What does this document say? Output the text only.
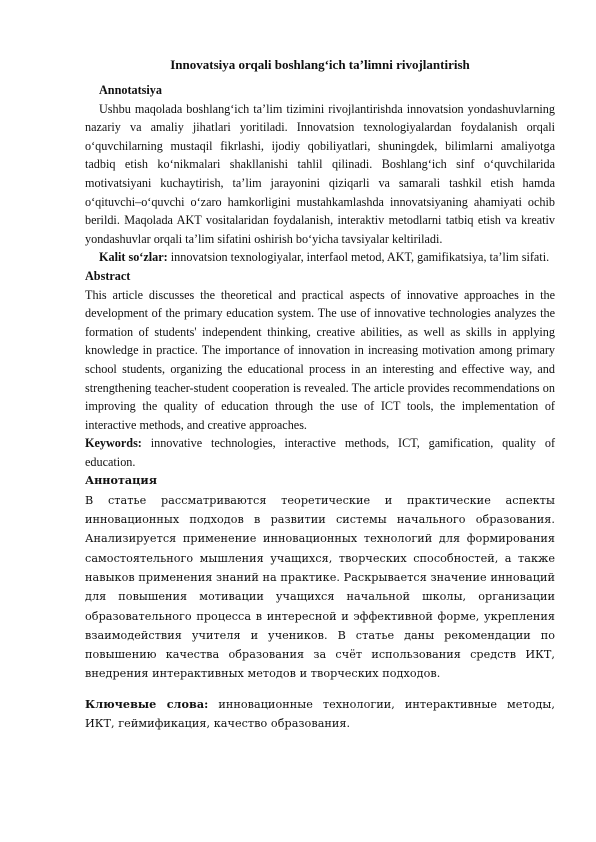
Innovatsiya orqali boshlangʻich ta’limni rivojlantirish
Annotatsiya

Ushbu maqolada boshlangʻich ta’lim tizimini rivojlantirishda innovatsion yondashuvlarning nazariy va amaliy jihatlari yoritiladi. Innovatsion texnologiyalardan foydalanish orqali oʻquvchilarning mustaqil fikrlashi, ijodiy qobiliyatlari, shuningdek, bilimlarni amaliyotga tadbiq etish koʻnikmalari shakllanishi tahlil qilinadi. Boshlangʻich sinf oʻquvchilarida motivatsiyani kuchaytirish, ta’lim jarayonini qiziqarli va samarali tashkil etish hamda oʻqituvchi–oʻquvchi oʻzaro hamkorligini mustahkamlashda innovatsiyaning ahamiyati ochib berildi. Maqolada AKT vositalaridan foydalanish, interaktiv metodlarni tatbiq etish va kreativ yondashuvlar orqali ta’lim sifatini oshirish boʻyicha tavsiyalar keltiriladi.

Kalit soʻzlar: innovatsion texnologiyalar, interfaol metod, AKT, gamifikatsiya, ta’lim sifati.

Abstract

This article discusses the theoretical and practical aspects of innovative approaches in the development of the primary education system. The use of innovative technologies analyzes the formation of students' independent thinking, creative abilities, as well as skills in applying knowledge in practice. The importance of innovation in increasing motivation among primary school students, organizing the educational process in an interesting and effective way, and strengthening teacher-student cooperation is revealed. The article provides recommendations on improving the quality of education through the use of ICT tools, the implementation of interactive methods, and creative approaches.

Keywords: innovative technologies, interactive methods, ICT, gamification, quality of education.

Аннотация

В статье рассматриваются теоретические и практические аспекты инновационных подходов в развитии системы начального образования. Анализируется применение инновационных технологий для формирования самостоятельного мышления учащихся, творческих способностей, а также навыков применения знаний на практике. Раскрывается значение инноваций для повышения мотивации учащихся начальной школы, организации образовательного процесса в интересной и эффективной форме, укрепления взаимодействия учителя и учеников. В статье даны рекомендации по повышению качества образования за счёт использования средств ИКТ, внедрения интерактивных методов и творческих подходов.

Ключевые слова: инновационные технологии, интерактивные методы, ИКТ, геймификация, качество образования.
